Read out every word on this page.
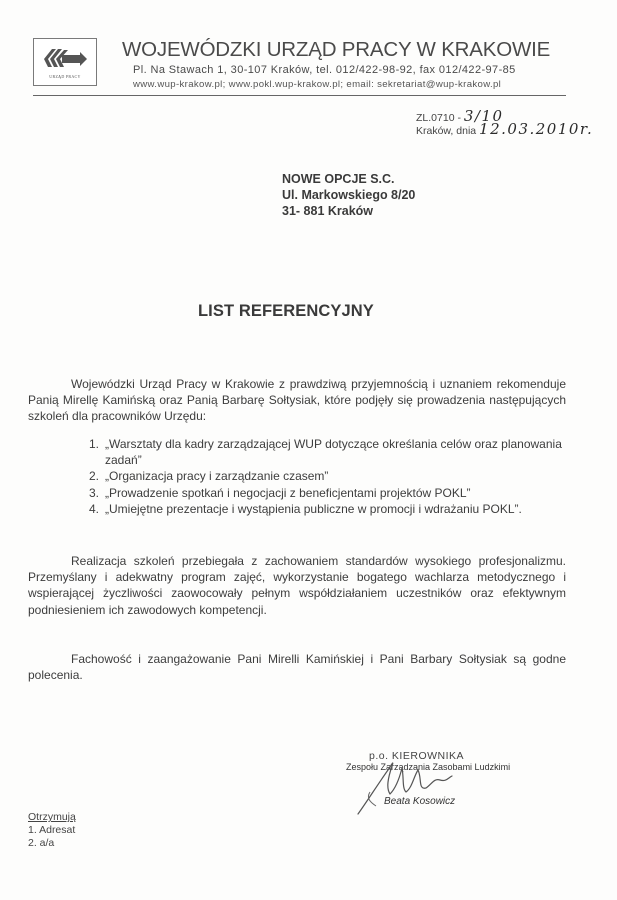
URZĄD PRACY
WOJEWÓDZKI URZĄD PRACY W KRAKOWIE
Pl. Na Stawach 1, 30-107 Kraków, tel. 012/422-98-92, fax 012/422-97-85
www.wup-krakow.pl; www.pokl.wup-krakow.pl; email: sekretariat@wup-krakow.pl
ZL.0710 - 3/10
Kraków, dnia 12.03.2010r.
NOWE OPCJE S.C.
Ul. Markowskiego 8/20
31- 881 Kraków
LIST REFERENCYJNY
Wojewódzki Urząd Pracy w Krakowie z prawdziwą przyjemnością i uznaniem rekomenduje Panią Mirellę Kamińską oraz Panią Barbarę Sołtysiak, które podjęły się prowadzenia następujących szkoleń dla pracowników Urzędu:
1. „Warsztaty dla kadry zarządzającej WUP dotyczące określania celów oraz planowania zadań”
2. „Organizacja pracy i zarządzanie czasem”
3. „Prowadzenie spotkań i negocjacji z beneficjentami projektów POKL”
4. „Umiejętne prezentacje i wystąpienia publiczne w promocji i wdrażaniu POKL”.
Realizacja szkoleń przebiegała z zachowaniem standardów wysokiego profesjonalizmu. Przemyślany i adekwatny program zajęć, wykorzystanie bogatego wachlarza metodycznego i wspierającej życzliwości zaowocowały pełnym współdziałaniem uczestników oraz efektywnym podniesieniem ich zawodowych kompetencji.
Fachowość i zaangażowanie Pani Mirelli Kamińskiej i Pani Barbary Sołtysiak są godne polecenia.
p.o. KIEROWNIKA
Zespołu Zarządzania Zasobami Ludzkimi
Beata Kosowicz
Otrzymują
1. Adresat
2. a/a
